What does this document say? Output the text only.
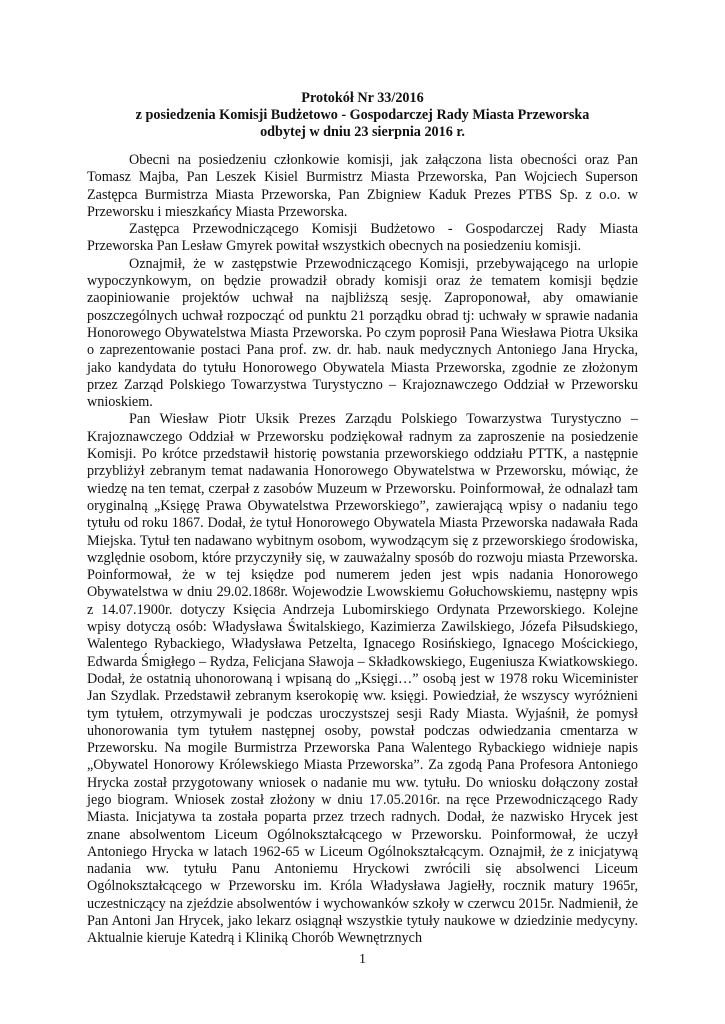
Protokół Nr 33/2016
z posiedzenia Komisji Budżetowo - Gospodarczej Rady Miasta Przeworska
odbytej w dniu 23 sierpnia 2016 r.

Obecni na posiedzeniu członkowie komisji, jak załączona lista obecności oraz Pan Tomasz Majba, Pan Leszek Kisiel Burmistrz Miasta Przeworska, Pan Wojciech Superson Zastępca Burmistrza Miasta Przeworska, Pan Zbigniew Kaduk Prezes PTBS Sp. z o.o. w Przeworsku i mieszkańcy Miasta Przeworska.

Zastępca Przewodniczącego Komisji Budżetowo - Gospodarczej Rady Miasta Przeworska Pan Lesław Gmyrek powitał wszystkich obecnych na posiedzeniu komisji.

Oznajmił, że w zastępstwie Przewodniczącego Komisji, przebywającego na urlopie wypoczynkowym, on będzie prowadził obrady komisji oraz że tematem komisji będzie zaopiniowanie projektów uchwał na najbliższą sesję. Zaproponował, aby omawianie poszczególnych uchwał rozpocząć od punktu 21 porządku obrad tj: uchwały w sprawie nadania Honorowego Obywatelstwa Miasta Przeworska. Po czym poprosił Pana Wiesława Piotra Uksika o zaprezentowanie postaci Pana prof. zw. dr. hab. nauk medycznych Antoniego Jana Hrycka, jako kandydata do tytułu Honorowego Obywatela Miasta Przeworska, zgodnie ze złożonym przez Zarząd Polskiego Towarzystwa Turystyczno – Krajoznawczego Oddział w Przeworsku wnioskiem.

Pan Wiesław Piotr Uksik Prezes Zarządu Polskiego Towarzystwa Turystyczno – Krajoznawczego Oddział w Przeworsku podziękował radnym za zaproszenie na posiedzenie Komisji. Po krótce przedstawił historię powstania przeworskiego oddziału PTTK, a następnie przybliżył zebranym temat nadawania Honorowego Obywatelstwa w Przeworsku, mówiąc, że wiedzę na ten temat, czerpał z zasobów Muzeum w Przeworsku. Poinformował, że odnalazł tam oryginalną „Księgę Prawa Obywatelstwa Przeworskiego”, zawierającą wpisy o nadaniu tego tytułu od roku 1867. Dodał, że tytuł Honorowego Obywatela Miasta Przeworska nadawała Rada Miejska. Tytuł ten nadawano wybitnym osobom, wywodzącym się z przeworskiego środowiska, względnie osobom, które przyczyniły się, w zauważalny sposób do rozwoju miasta Przeworska. Poinformował, że w tej księdze pod numerem jeden jest wpis nadania Honorowego Obywatelstwa w dniu 29.02.1868r. Wojewodzie Lwowskiemu Gołuchowskiemu, następny wpis z 14.07.1900r. dotyczy Księcia Andrzeja Lubomirskiego Ordynata Przeworskiego. Kolejne wpisy dotyczą osób: Władysława Świtalskiego, Kazimierza Zawilskiego, Józefa Piłsudskiego, Walentego Rybackiego, Władysława Petzelta, Ignacego Rosińskiego, Ignacego Mościckiego, Edwarda Śmigłego – Rydza, Felicjana Sławoja – Składkowskiego, Eugeniusza Kwiatkowskiego. Dodał, że ostatnią uhonorowaną i wpisaną do „Księgi…” osobą jest w 1978 roku Wiceminister Jan Szydlak. Przedstawił zebranym kserokopię ww. księgi. Powiedział, że wszyscy wyróżnieni tym tytułem, otrzymywali je podczas uroczystszej sesji Rady Miasta. Wyjaśnił, że pomysł uhonorowania tym tytułem następnej osoby, powstał podczas odwiedzania cmentarza w Przeworsku. Na mogile Burmistrza Przeworska Pana Walentego Rybackiego widnieje napis „Obywatel Honorowy Królewskiego Miasta Przeworska”. Za zgodą Pana Profesora Antoniego Hrycka został przygotowany wniosek o nadanie mu ww. tytułu. Do wniosku dołączony został jego biogram. Wniosek został złożony w dniu 17.05.2016r. na ręce Przewodniczącego Rady Miasta. Inicjatywa ta została poparta przez trzech radnych. Dodał, że nazwisko Hrycek jest znane absolwentom Liceum Ogólnokształcącego w Przeworsku. Poinformował, że uczył Antoniego Hrycka w latach 1962-65 w Liceum Ogólnokształcącym. Oznajmił, że z inicjatywą nadania ww. tytułu Panu Antoniemu Hryckowi zwrócili się absolwenci Liceum Ogólnokształcącego w Przeworsku im. Króla Władysława Jagiełły, rocznik matury 1965r, uczestniczący na zjeździe absolwentów i wychowanków szkoły w czerwcu 2015r. Nadmienił, że Pan Antoni Jan Hrycek, jako lekarz osiągnął wszystkie tytuły naukowe w dziedzinie medycyny. Aktualnie kieruje Katedrą i Kliniką Chorób Wewnętrznych

1
